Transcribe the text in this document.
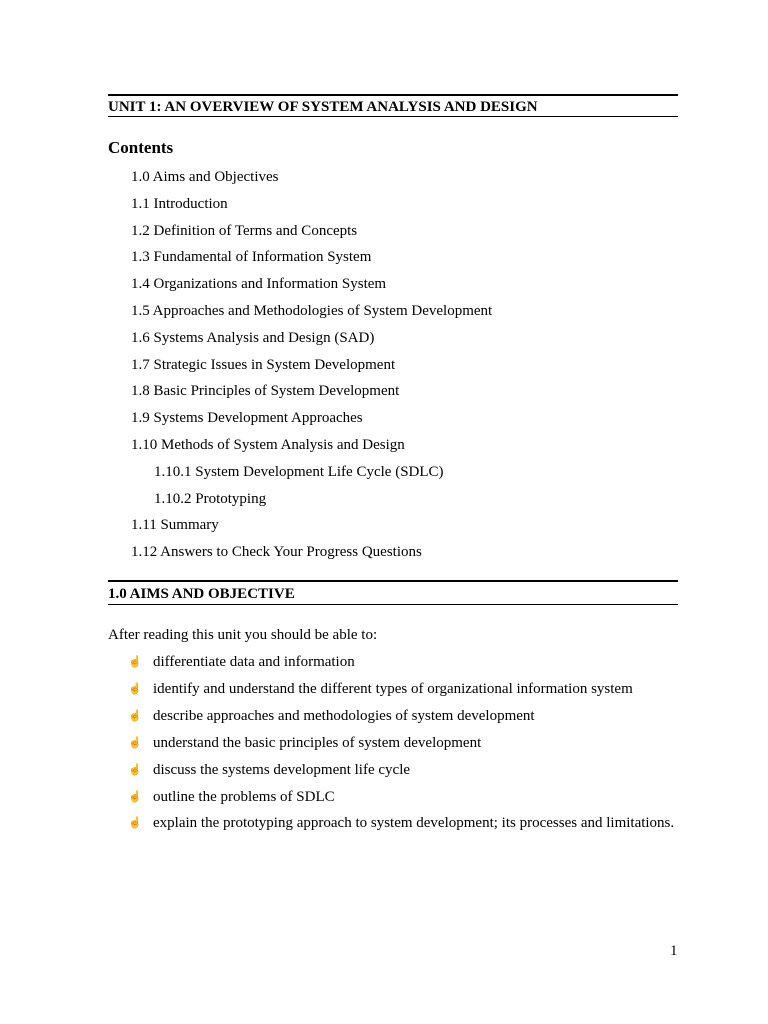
UNIT 1: AN OVERVIEW OF SYSTEM ANALYSIS AND DESIGN
Contents
1.0 Aims and Objectives
1.1 Introduction
1.2 Definition of Terms and Concepts
1.3 Fundamental of Information System
1.4 Organizations and Information System
1.5 Approaches and Methodologies of System Development
1.6 Systems Analysis and Design (SAD)
1.7 Strategic Issues in System Development
1.8 Basic Principles of System Development
1.9 Systems Development Approaches
1.10 Methods of System Analysis and Design
1.10.1 System Development Life Cycle (SDLC)
1.10.2 Prototyping
1.11 Summary
1.12 Answers to Check Your Progress Questions
1.0 AIMS AND OBJECTIVE
After reading this unit you should be able to:
☝ differentiate data and information
☝ identify and understand the different types of organizational information system
☝ describe approaches and methodologies of system development
☝ understand the basic principles of system development
☝ discuss the systems development life cycle
☝ outline the problems of SDLC
☝ explain the prototyping approach to system development; its processes and limitations.
1
